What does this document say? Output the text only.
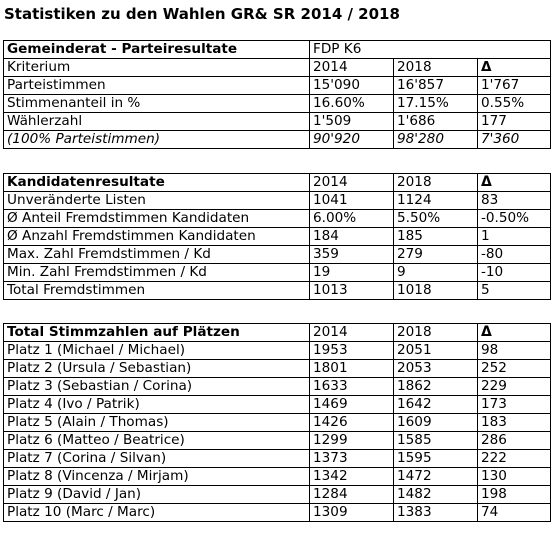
Statistiken zu den Wahlen GR& SR 2014 / 2018
Gemeinderat - Parteiresultate	FDP K6		
Kriterium	2014	2018	Δ
Parteistimmen	15'090	16'857	1'767
Stimmenanteil in %	16.60%	17.15%	0.55%
Wählerzahl	1'509	1'686	177
(100% Parteistimmen)	90'920	98'280	7'360
Kandidatenresultate	2014	2018	Δ
Unveränderte Listen	1041	1124	83
Ø Anteil Fremdstimmen Kandidaten	6.00%	5.50%	-0.50%
Ø Anzahl Fremdstimmen Kandidaten	184	185	1
Max. Zahl Fremdstimmen / Kd	359	279	-80
Min. Zahl Fremdstimmen / Kd	19	9	-10
Total Fremdstimmen	1013	1018	5
Total Stimmzahlen auf Plätzen	2014	2018	Δ
Platz 1 (Michael / Michael)	1953	2051	98
Platz 2 (Ursula / Sebastian)	1801	2053	252
Platz 3 (Sebastian / Corina)	1633	1862	229
Platz 4 (Ivo / Patrik)	1469	1642	173
Platz 5 (Alain / Thomas)	1426	1609	183
Platz 6 (Matteo / Beatrice)	1299	1585	286
Platz 7 (Corina / Silvan)	1373	1595	222
Platz 8 (Vincenza / Mirjam)	1342	1472	130
Platz 9 (David / Jan)	1284	1482	198
Platz 10 (Marc / Marc)	1309	1383	74
